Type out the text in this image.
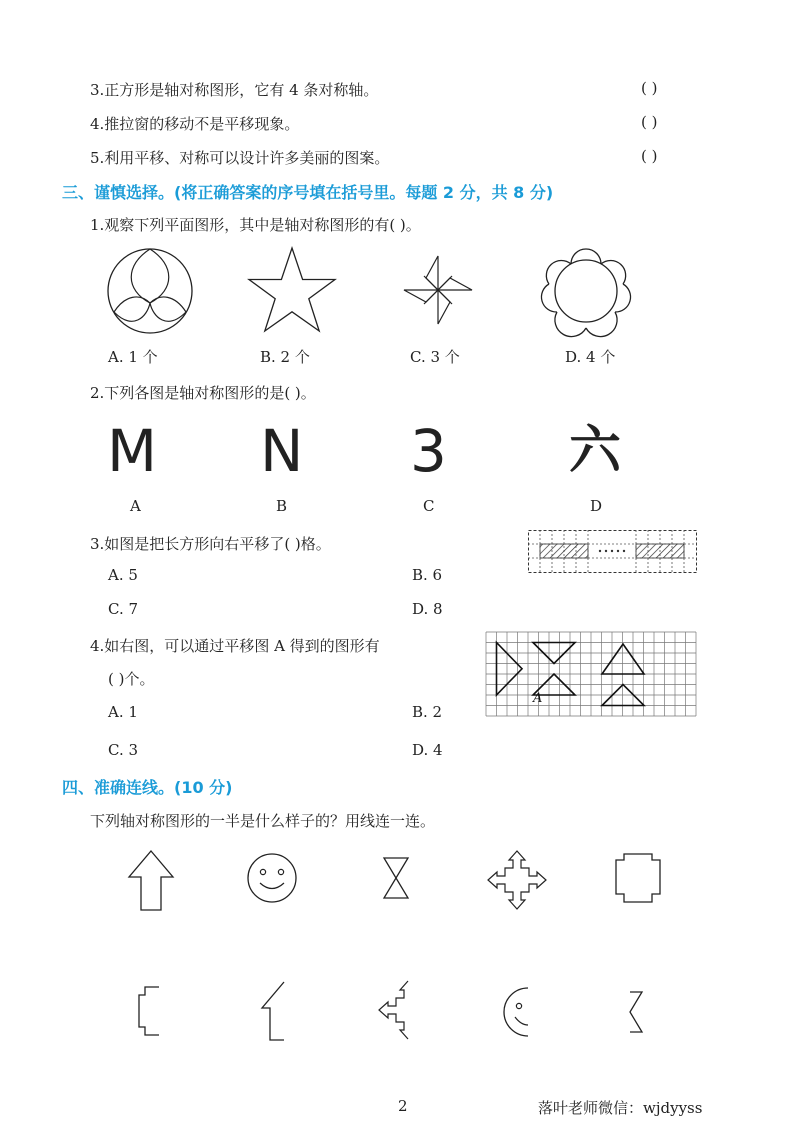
3.正方形是轴对称图形，它有 4 条对称轴。	( )
4.推拉窗的移动不是平移现象。	( )
5.利用平移、对称可以设计许多美丽的图案。	( )
三、谨慎选择。(将正确答案的序号填在括号里。每题 2 分，共 8 分)
1.观察下列平面图形，其中是轴对称图形的有( )。
A. 1 个	B. 2 个	C. 3 个	D. 4 个
2.下列各图是轴对称图形的是( )。
M N 3 六
A	B	C	D
3.如图是把长方形向右平移了( )格。
A. 5	B. 6
C. 7	D. 8
4.如右图，可以通过平移图 A 得到的图形有
( )个。
A
A. 1	B. 2
C. 3	D. 4
四、准确连线。(10 分)
下列轴对称图形的一半是什么样子的？用线连一连。
2	落叶老师微信：wjdyyss
